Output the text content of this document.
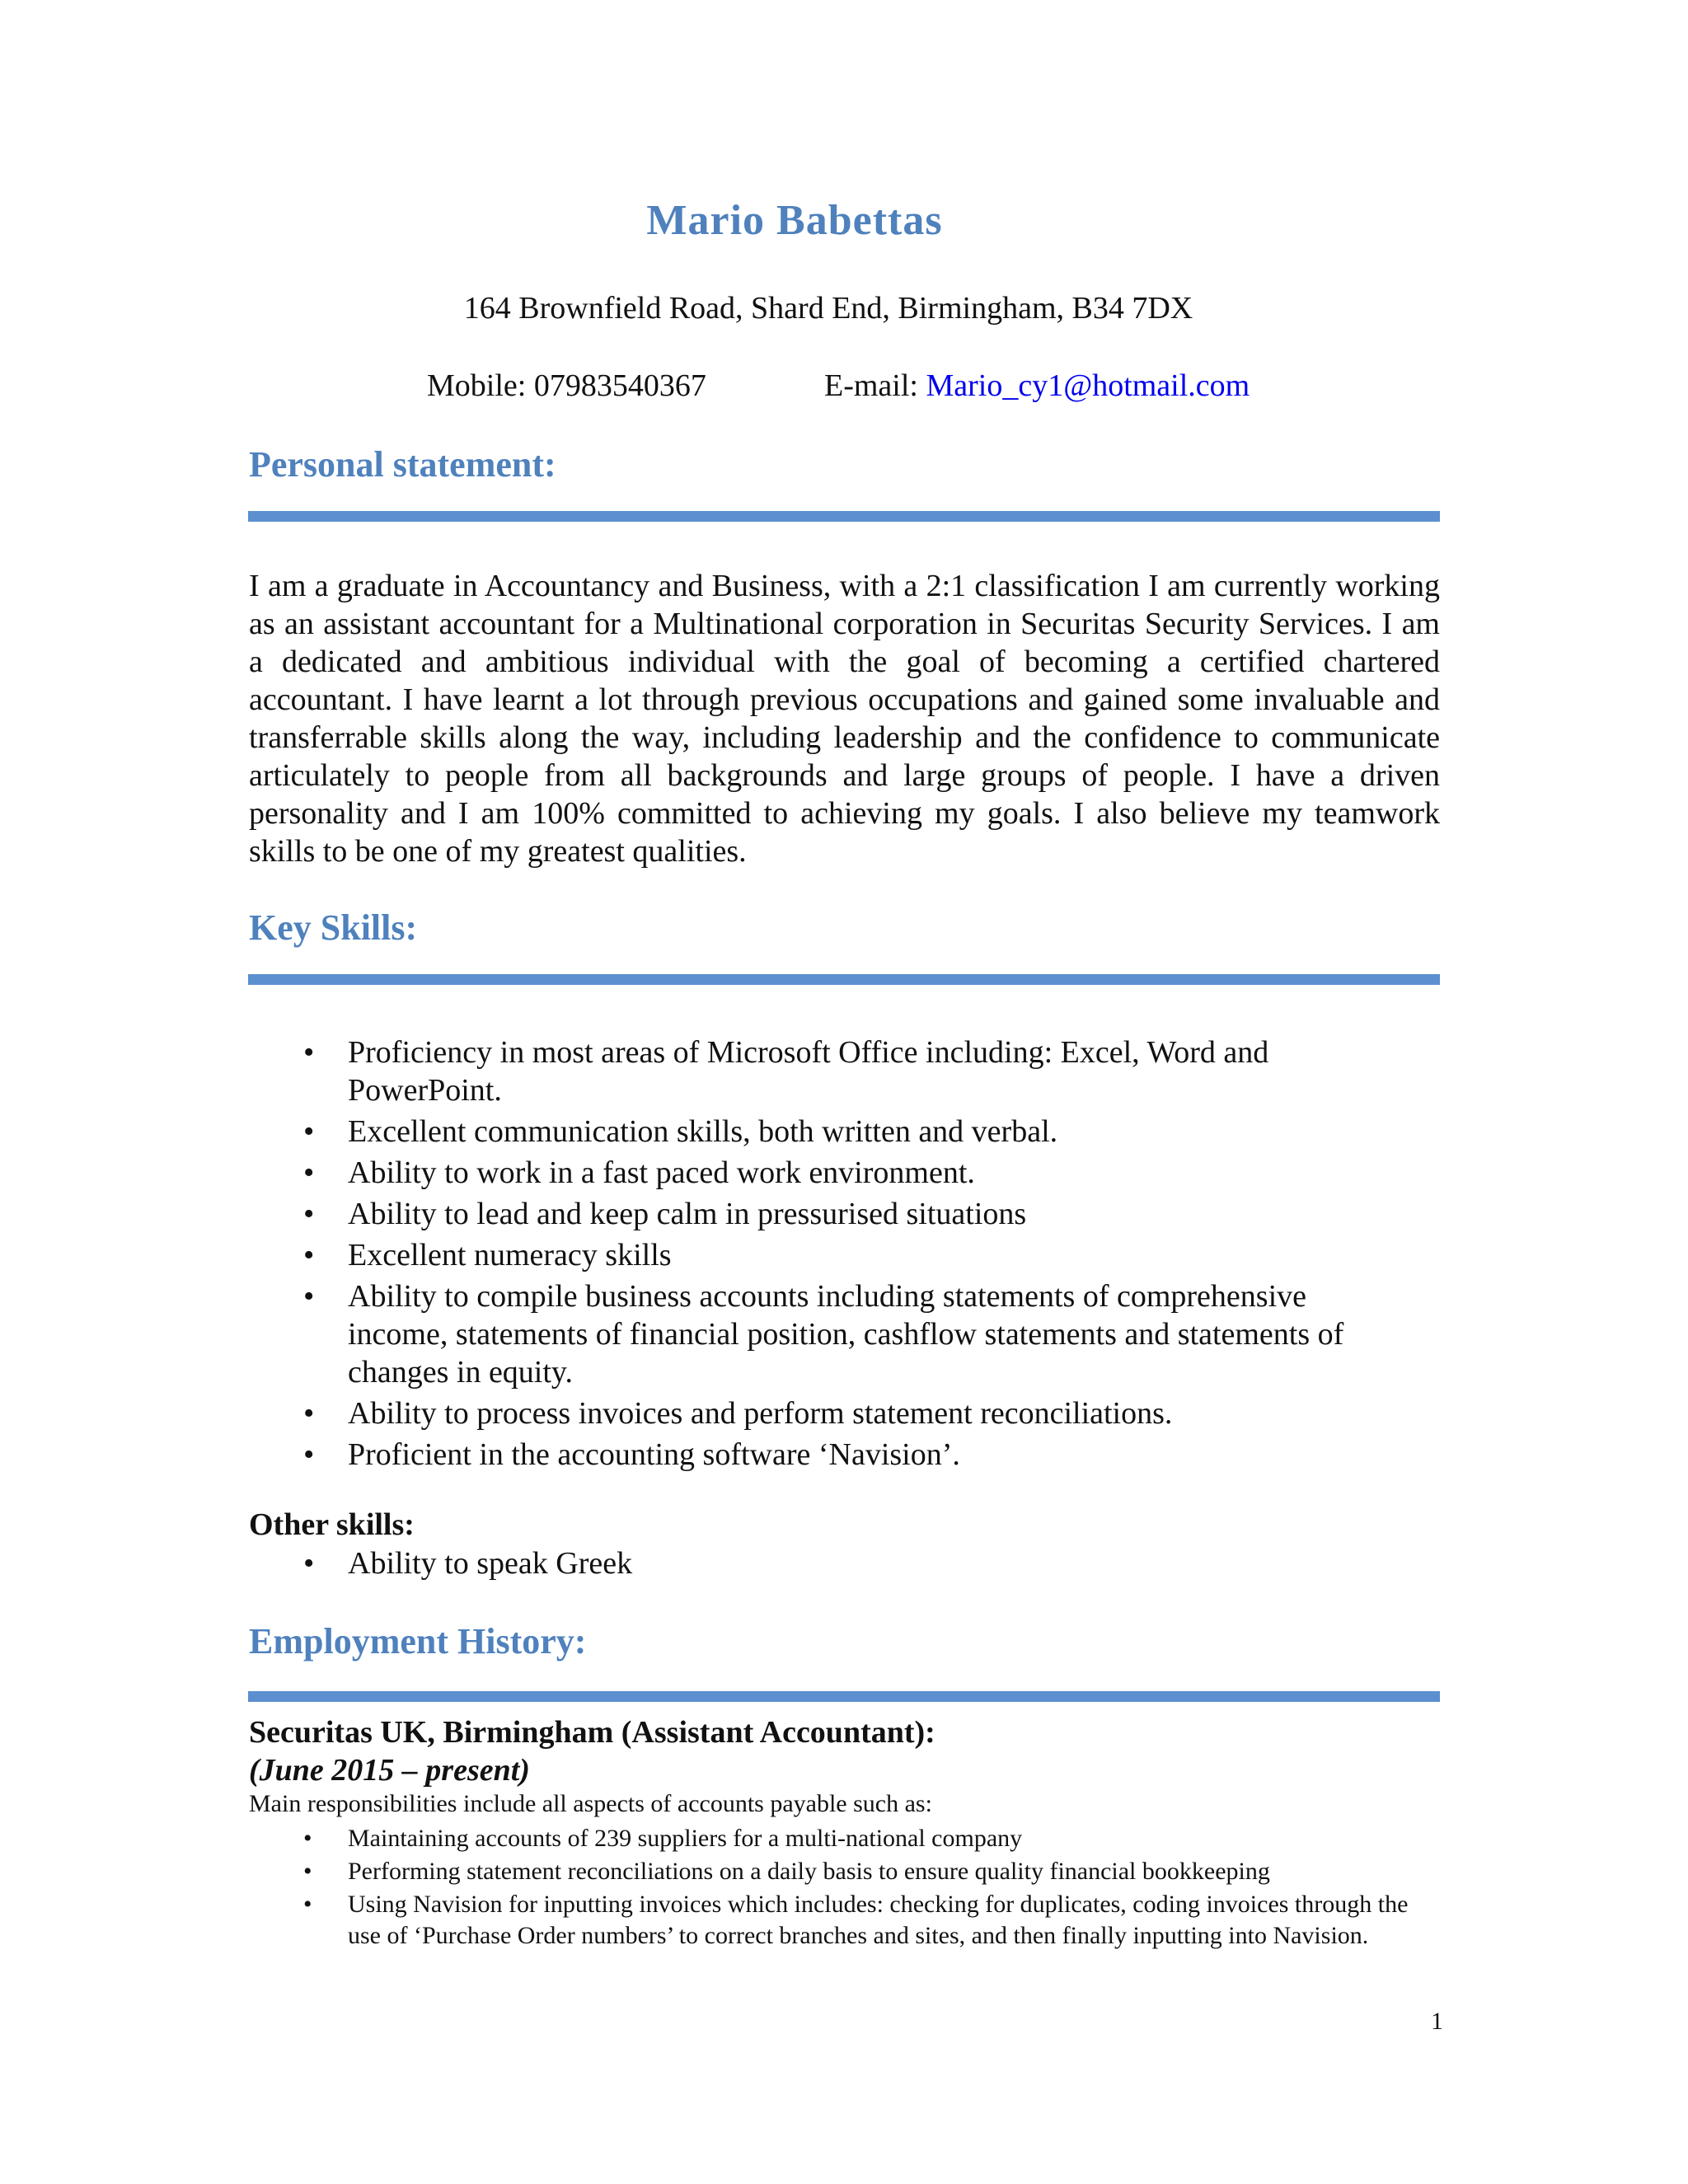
Mario Babettas
164 Brownfield Road, Shard End, Birmingham, B34 7DX
Mobile: 07983540367	E-mail: Mario_cy1@hotmail.com
Personal statement:
I am a graduate in Accountancy and Business, with a 2:1 classification I am currently working as an assistant accountant for a Multinational corporation in Securitas Security Services. I am a dedicated and ambitious individual with the goal of becoming a certified chartered accountant. I have learnt a lot through previous occupations and gained some invaluable and transferrable skills along the way, including leadership and the confidence to communicate articulately to people from all backgrounds and large groups of people. I have a driven personality and I am 100% committed to achieving my goals. I also believe my teamwork skills to be one of my greatest qualities.
Key Skills:
• Proficiency in most areas of Microsoft Office including: Excel, Word and PowerPoint.
• Excellent communication skills, both written and verbal.
• Ability to work in a fast paced work environment.
• Ability to lead and keep calm in pressurised situations
• Excellent numeracy skills
• Ability to compile business accounts including statements of comprehensive income, statements of financial position, cashflow statements and statements of changes in equity.
• Ability to process invoices and perform statement reconciliations.
• Proficient in the accounting software ‘Navision’.
Other skills:
• Ability to speak Greek
Employment History:
Securitas UK, Birmingham (Assistant Accountant):
(June 2015 – present)
Main responsibilities include all aspects of accounts payable such as:
• Maintaining accounts of 239 suppliers for a multi-national company
• Performing statement reconciliations on a daily basis to ensure quality financial bookkeeping
• Using Navision for inputting invoices which includes: checking for duplicates, coding invoices through the use of ‘Purchase Order numbers’ to correct branches and sites, and then finally inputting into Navision.
1
